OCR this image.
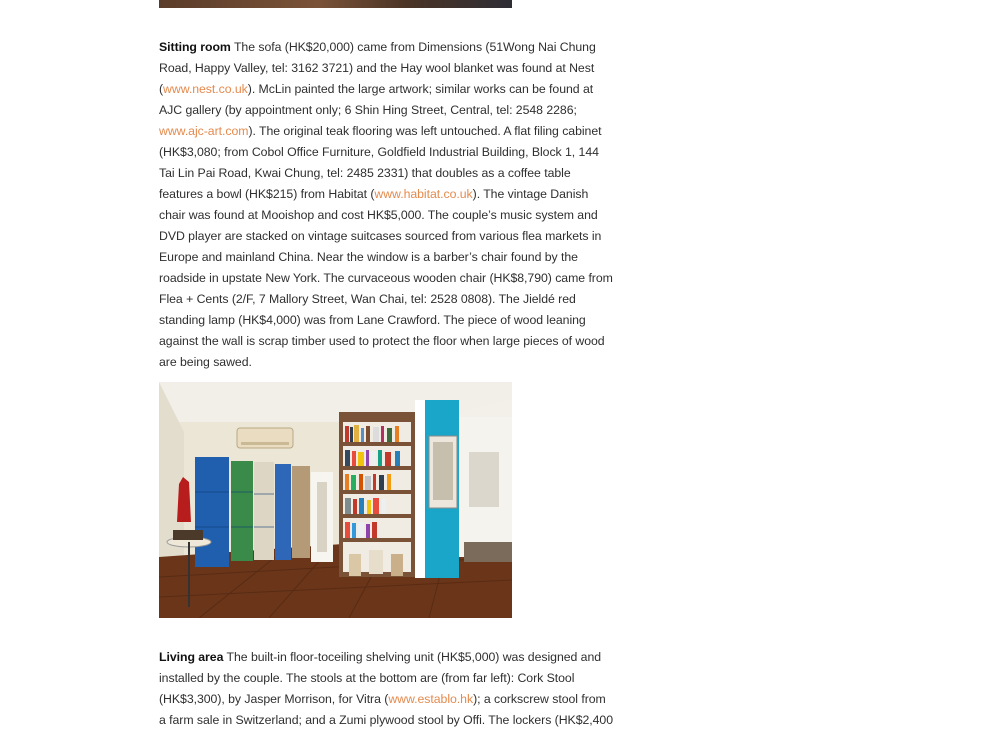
Sitting room The sofa (HK$20,000) came from Dimensions (51Wong Nai Chung Road, Happy Valley, tel: 3162 3721) and the Hay wool blanket was found at Nest (www.nest.co.uk). McLin painted the large artwork; similar works can be found at AJC gallery (by appointment only; 6 Shin Hing Street, Central, tel: 2548 2286; www.ajc-art.com). The original teak flooring was left untouched. A flat filing cabinet (HK$3,080; from Cobol Office Furniture, Goldfield Industrial Building, Block 1, 144 Tai Lin Pai Road, Kwai Chung, tel: 2485 2331) that doubles as a coffee table features a bowl (HK$215) from Habitat (www.habitat.co.uk). The vintage Danish chair was found at Mooishop and cost HK$5,000. The couple’s music system and DVD player are stacked on vintage suitcases sourced from various flea markets in Europe and mainland China. Near the window is a barber’s chair found by the roadside in upstate New York. The curvaceous wooden chair (HK$8,790) came from Flea + Cents (2/F, 7 Mallory Street, Wan Chai, tel: 2528 0808). The Jieldé red standing lamp (HK$4,000) was from Lane Crawford. The piece of wood leaning against the wall is scrap timber used to protect the floor when large pieces of wood are being sawed.

Living area The built-in floor-toceiling shelving unit (HK$5,000) was designed and installed by the couple. The stools at the bottom are (from far left): Cork Stool (HK$3,300), by Jasper Morrison, for Vitra (www.establo.hk); a corkscrew stool from a farm sale in Switzerland; and a Zumi plywood stool by Offi. The lockers (HK$2,400
